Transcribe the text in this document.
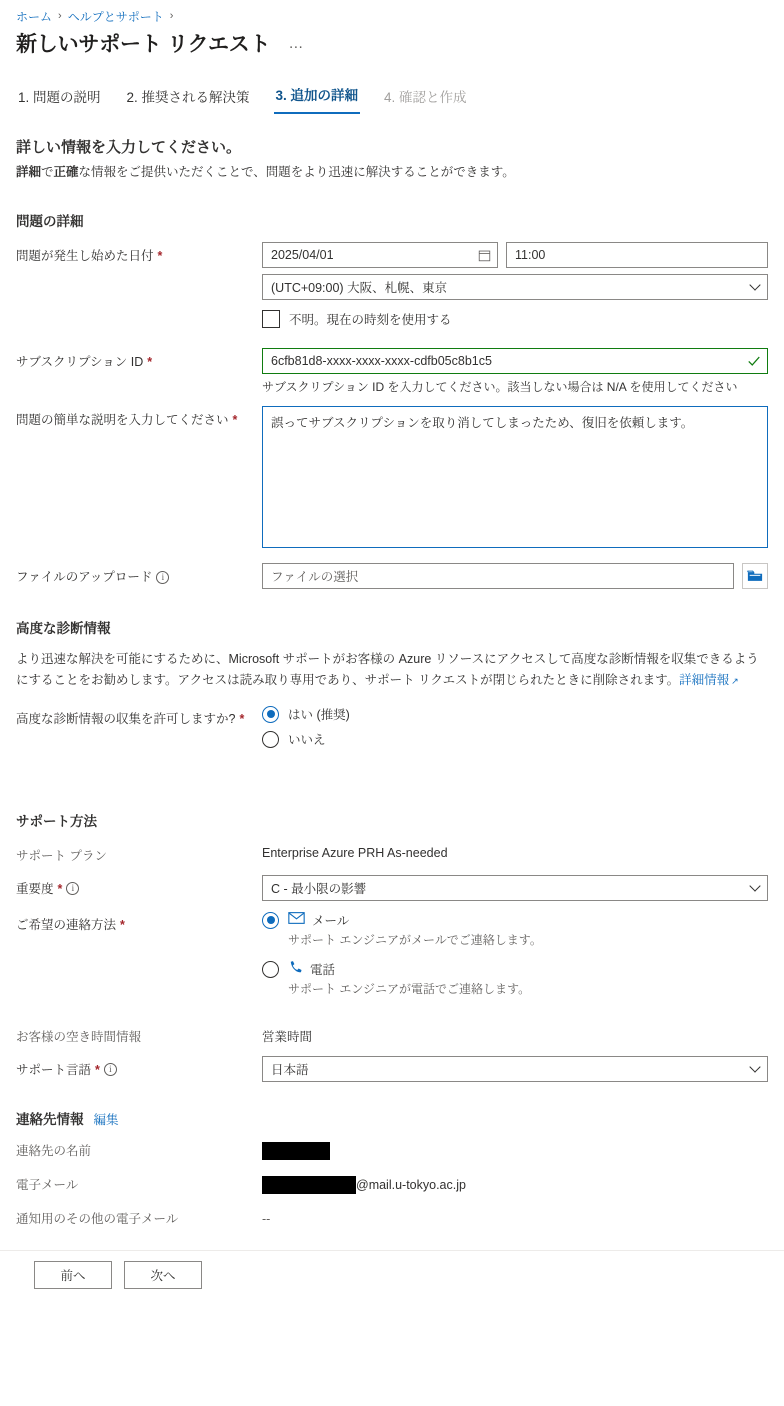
ホーム › ヘルプとサポート ›
新しいサポート リクエスト …
1. 問題の説明 2. 推奨される解決策 3. 追加の詳細 4. 確認と作成
詳しい情報を入力してください。
詳細で正確な情報をご提供いただくことで、問題をより迅速に解決することができます。
問題の詳細
問題が発生し始めた日付 *	2025/04/01	11:00
(UTC+09:00) 大阪、札幌、東京
不明。現在の時刻を使用する
サブスクリプション ID *	6cfb81d8-xxxx-xxxx-xxxx-cdfb05c8b1c5
サブスクリプション ID を入力してください。該当しない場合は N/A を使用してください
問題の簡単な説明を入力してください *
誤ってサブスクリプションを取り消してしまったため、復旧を依頼します。
ファイルのアップロード	i	ファイルの選択
高度な診断情報
より迅速な解決を可能にするために、Microsoft サポートがお客様の Azure リソースにアクセスして高度な診断情報を収集できるようにすることをお勧めします。アクセスは読み取り専用であり、サポート リクエストが閉じられたときに削除されます。詳細情報 ↗
高度な診断情報の収集を許可しますか? *	はい (推奨)
いいえ
サポート方法
サポート プラン	Enterprise Azure PRH As-needed
重要度 *	i	C - 最小限の影響
ご希望の連絡方法 *	メール
サポート エンジニアがメールでご連絡します。
電話
サポート エンジニアが電話でご連絡します。
お客様の空き時間情報	営業時間
サポート言語 *	i	日本語
連絡先情報 編集
連絡先の名前
電子メール	@mail.u-tokyo.ac.jp
通知用のその他の電子メール	--
前へ	次へ
